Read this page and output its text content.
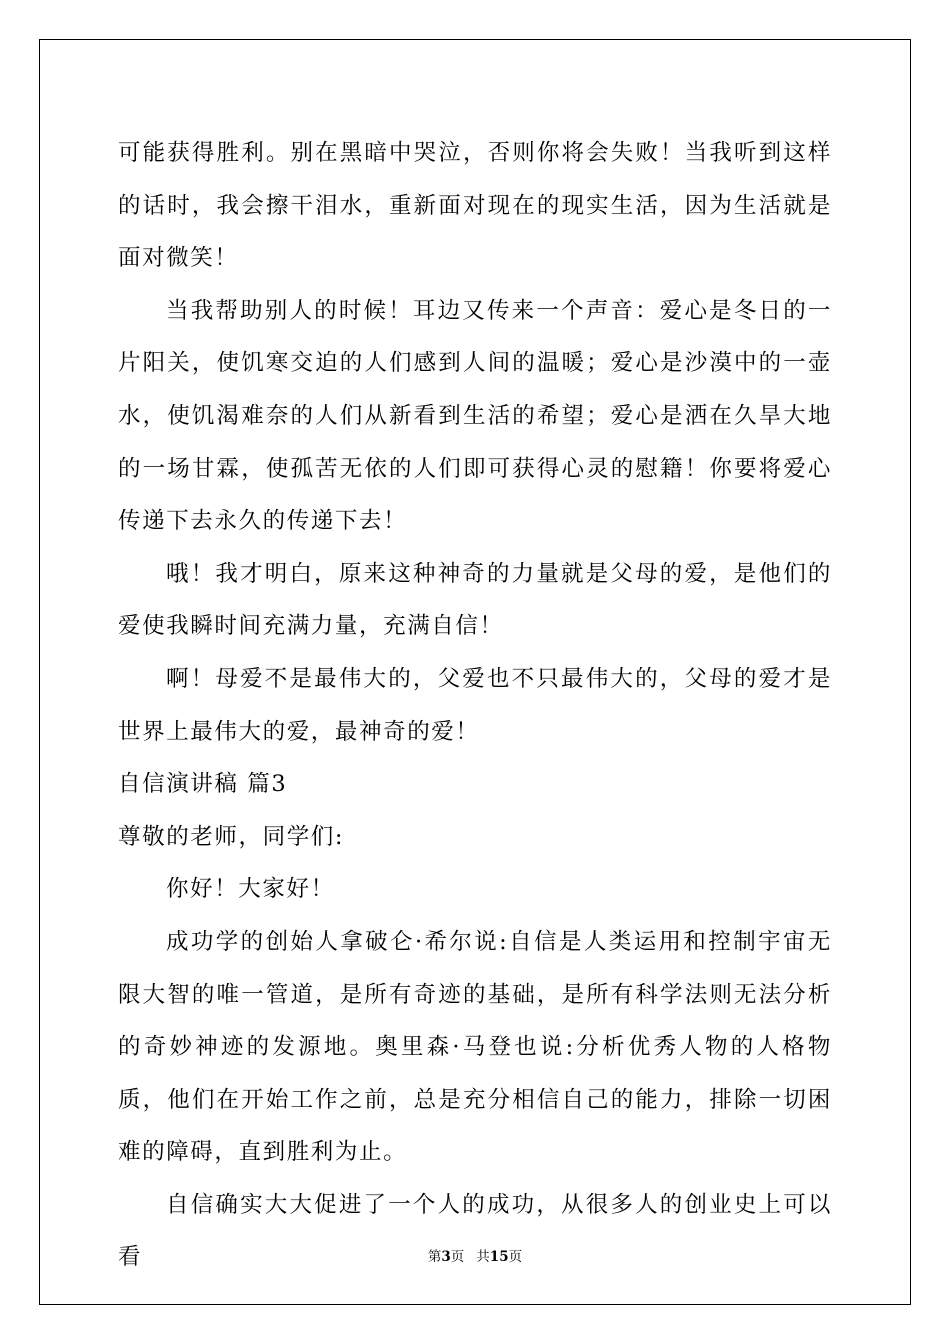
可能获得胜利。别在黑暗中哭泣，否则你将会失败！当我听到这样的话时，我会擦干泪水，重新面对现在的现实生活，因为生活就是面对微笑！

当我帮助别人的时候！耳边又传来一个声音：爱心是冬日的一片阳关，使饥寒交迫的人们感到人间的温暖；爱心是沙漠中的一壶水，使饥渴难奈的人们从新看到生活的希望；爱心是洒在久旱大地的一场甘霖，使孤苦无依的人们即可获得心灵的慰籍！你要将爱心传递下去永久的传递下去！

哦！我才明白，原来这种神奇的力量就是父母的爱，是他们的爱使我瞬时间充满力量，充满自信！

啊！母爱不是最伟大的，父爱也不只最伟大的，父母的爱才是世界上最伟大的爱，最神奇的爱！

自信演讲稿 篇3

尊敬的老师，同学们:

你好！大家好！

成功学的创始人拿破仑·希尔说:自信是人类运用和控制宇宙无限大智的唯一管道，是所有奇迹的基础，是所有科学法则无法分析的奇妙神迹的发源地。奥里森·马登也说:分析优秀人物的人格物质，他们在开始工作之前，总是充分相信自己的能力，排除一切困难的障碍，直到胜利为止。

自信确实大大促进了一个人的成功，从很多人的创业史上可以看	第3页 共15页
